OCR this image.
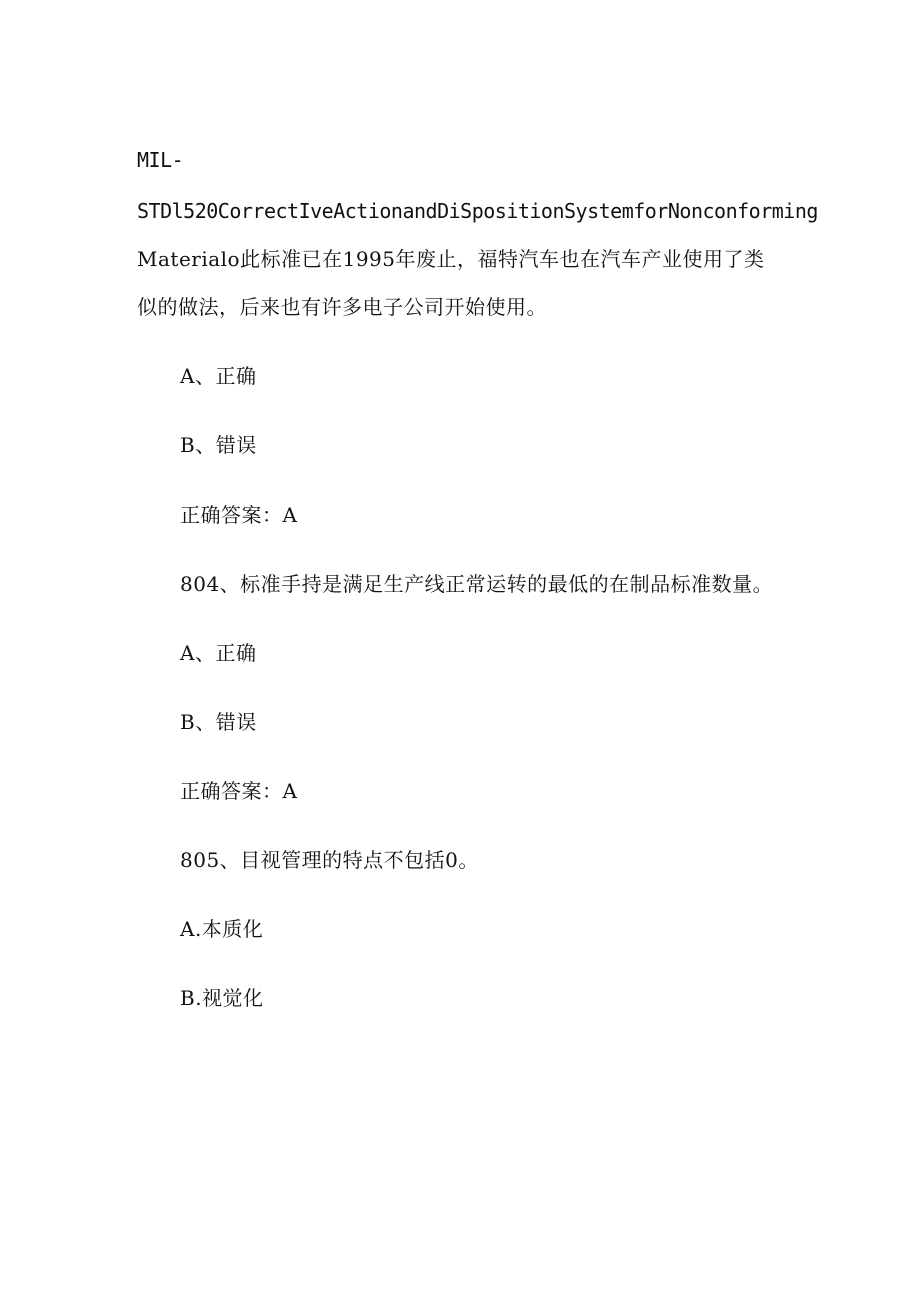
MIL-
STDl520CorrectIveActionandDiSpositionSystemforNonconforming
Materialo此标准已在1995年废止，福特汽车也在汽车产业使用了类
似的做法，后来也有许多电子公司开始使用。
A、正确
B、错误
正确答案：A
804、标准手持是满足生产线正常运转的最低的在制品标准数量。
A、正确
B、错误
正确答案：A
805、目视管理的特点不包括0。
A.本质化
B.视觉化
